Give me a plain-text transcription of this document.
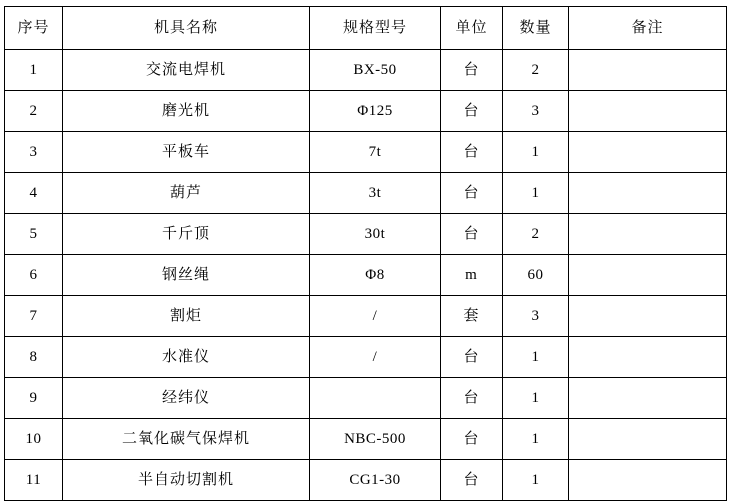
序号	机具名称	规格型号	单位	数量	备注
1	交流电焊机	BX-50	台	2	
2	磨光机	Φ125	台	3	
3	平板车	7t	台	1	
4	葫芦	3t	台	1	
5	千斤顶	30t	台	2	
6	钢丝绳	Φ8	m	60	
7	割炬	/	套	3	
8	水准仪	/	台	1	
9	经纬仪		台	1	
10	二氧化碳气保焊机	NBC-500	台	1	
11	半自动切割机	CG1-30	台	1	
